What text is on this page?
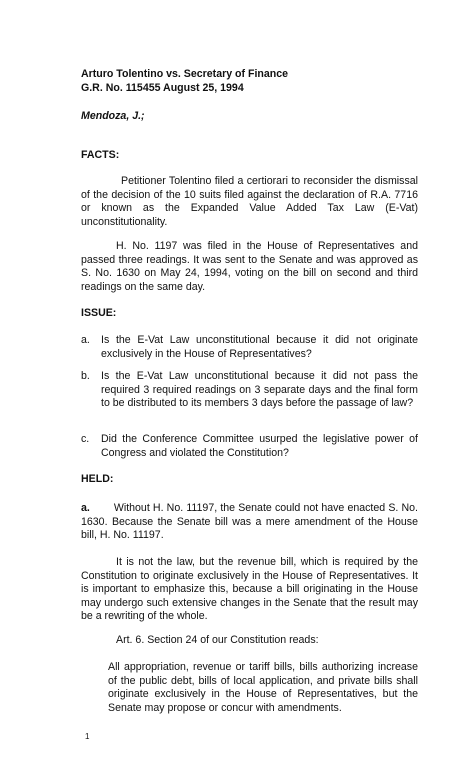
Arturo Tolentino vs. Secretary of Finance

G.R. No. 115455 August 25, 1994

Mendoza, J.;

FACTS:

Petitioner Tolentino filed a certiorari to reconsider the dismissal of the decision of the 10 suits filed against the declaration of R.A. 7716 or known as the Expanded Value Added Tax Law (E-Vat) unconstitutionality.

H. No. 1197 was filed in the House of Representatives and passed three readings. It was sent to the Senate and was approved as S. No. 1630 on May 24, 1994, voting on the bill on second and third readings on the same day.

ISSUE:

a. Is the E-Vat Law unconstitutional because it did not originate exclusively in the House of Representatives?
b. Is the E-Vat Law unconstitutional because it did not pass the required 3 required readings on 3 separate days and the final form to be distributed to its members 3 days before the passage of law?
c. Did the Conference Committee usurped the legislative power of Congress and violated the Constitution?

HELD:

a. Without H. No. 11197, the Senate could not have enacted S. No. 1630. Because the Senate bill was a mere amendment of the House bill, H. No. 11197.

It is not the law, but the revenue bill, which is required by the Constitution to originate exclusively in the House of Representatives. It is important to emphasize this, because a bill originating in the House may undergo such extensive changes in the Senate that the result may be a rewriting of the whole.

Art. 6. Section 24 of our Constitution reads:

All appropriation, revenue or tariff bills, bills authorizing increase of the public debt, bills of local application, and private bills shall originate exclusively in the House of Representatives, but the Senate may propose or concur with amendments.

1
